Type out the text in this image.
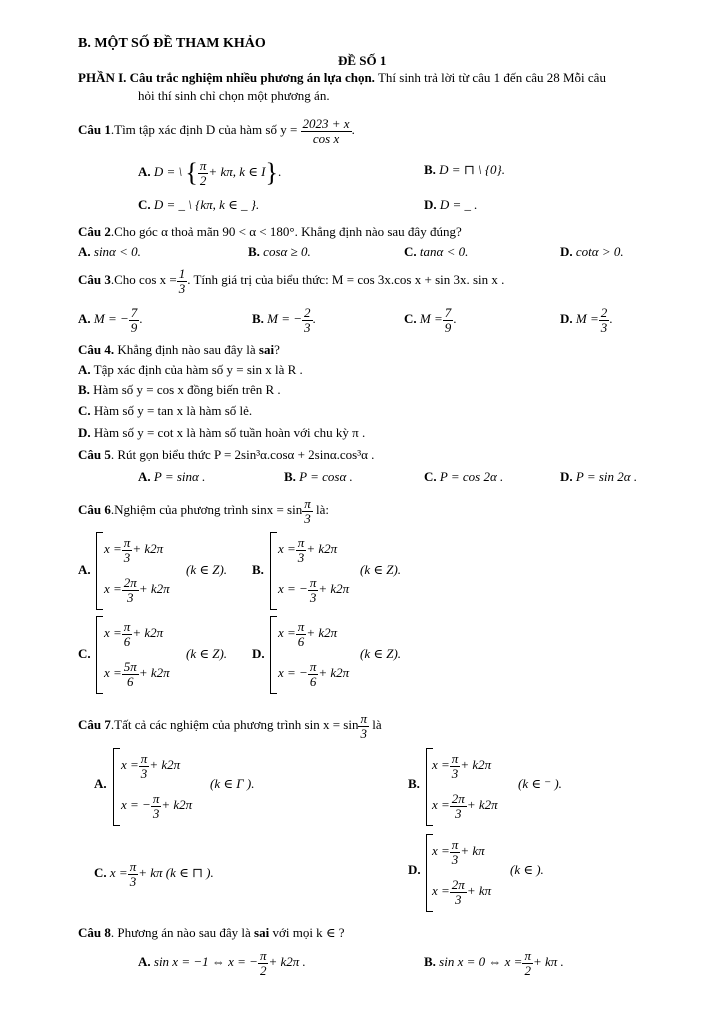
B. MỘT SỐ ĐỀ THAM KHẢO
ĐỀ SỐ 1
PHẦN I. Câu trắc nghiệm nhiều phương án lựa chọn. Thí sinh trả lời từ câu 1 đến câu 28 Mỗi câu
hỏi thí sinh chỉ chọn một phương án.
Câu 1.Tìm tập xác định D của hàm số $y = \frac{2023 + x}{\text{cos x}}$ .
A. D = \ { $\frac{\pi}{2} + k\pi$, k ∈ I}.	B. D = ⊓ \ {0}.
C. D = _ \ {kπ, k ∈ _ }.	D. D = _ .
Câu 2.Cho góc α thoả mãn 90 < α < 180°. Khẳng định nào sau đây đúng?
A. sinα < 0.	B. cosα ≥ 0.	C. tanα < 0.	D. cotα > 0.
Câu 3.Cho $\cos x = \frac{1}{3}$ . Tính giá trị của biểu thức: M = cos 3x.cos x + sin 3x. sin x .
A. M = − $\frac{7}{9}$ .	B. M = − $\frac{2}{3}$ .	C. $M = \frac{7}{9}$ .	D. $M = \frac{2}{3}$ .
Câu 4. Khẳng định nào sau đây là sai?
A. Tập xác định của hàm số y = sin x là R .
B. Hàm số y = cos x đồng biến trên R .
C. Hàm số y = tan x là hàm số lẻ.
D. Hàm số y = cot x là hàm số tuần hoàn với chu kỳ π .
Câu 5. Rút gọn biểu thức P = 2sin³α.cosα + 2sinα.cos³α .
A. P = sinα .	B. P = cosα .	C. P = cos 2α .	D. P = sin 2α .
Câu 6.Nghiệm của phương trình $\sin x = \sin \frac{\pi}{3}$ là:
A.
$x = \frac{\pi}{3} + k2\pi$
$x = \frac{2\pi}{3} + k2\pi$
(k ∈ Z). B.
$x = \frac{\pi}{3} + k2\pi$
x = − $\frac{\pi}{3} + k2\pi$
(k ∈ Z).
C.
$x = \frac{\pi}{6} + k2\pi$
$x = \frac{5\pi}{6} + k2\pi$
(k ∈ Z). D.
$x = \frac{\pi}{6} + k2\pi$
x = − $\frac{\pi}{6} + k2\pi$
(k ∈ Z).
Câu 7.Tất cả các nghiệm của phương trình $\sin x = \sin \frac{\pi}{3}$ là
A.
$x = \frac{\pi}{3} + k2\pi$
x = − $\frac{\pi}{3} + k2\pi$
(k ∈ Γ ).	B.
$x = \frac{\pi}{3} + k2\pi$
$x = \frac{2\pi}{3} + k2\pi$
(k ∈ ⁻ ).
C. $x = \frac{\pi}{3} + k\pi$ (k ∈ ⊓ ).	D.
$x = \frac{\pi}{3} + k\pi$
$x = \frac{2\pi}{3} + k\pi$
(k ∈ ).
Câu 8. Phương án nào sau đây là sai với mọi k ∈ ?
A. sin x = −1 ⇔ x = − $\frac{\pi}{2} + k2\pi$ .	B. sin x = 0 ⇔ $x = \frac{\pi}{2} + k\pi$ .
